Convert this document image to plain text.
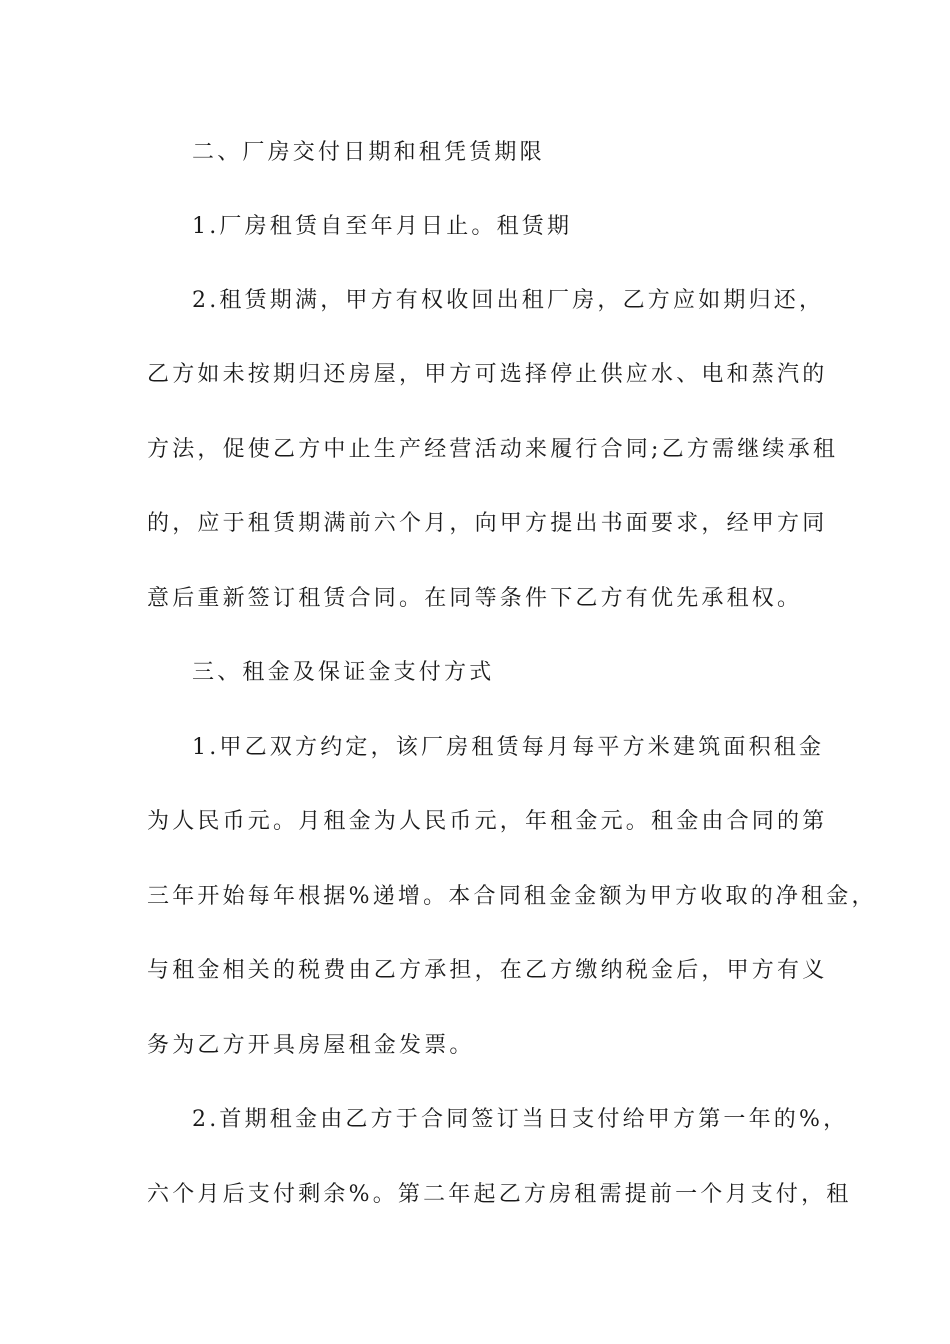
二、厂房交付日期和租凭赁期限
1.厂房租赁自至年月日止。租赁期
2.租赁期满，甲方有权收回出租厂房，乙方应如期归还，
乙方如未按期归还房屋，甲方可选择停止供应水、电和蒸汽的
方法，促使乙方中止生产经营活动来履行合同;乙方需继续承租
的，应于租赁期满前六个月，向甲方提出书面要求，经甲方同
意后重新签订租赁合同。在同等条件下乙方有优先承租权。
三、租金及保证金支付方式
1.甲乙双方约定，该厂房租赁每月每平方米建筑面积租金
为人民币元。月租金为人民币元，年租金元。租金由合同的第
三年开始每年根据%递增。本合同租金金额为甲方收取的净租金，
与租金相关的税费由乙方承担，在乙方缴纳税金后，甲方有义
务为乙方开具房屋租金发票。
2.首期租金由乙方于合同签订当日支付给甲方第一年的%，
六个月后支付剩余%。第二年起乙方房租需提前一个月支付，租
